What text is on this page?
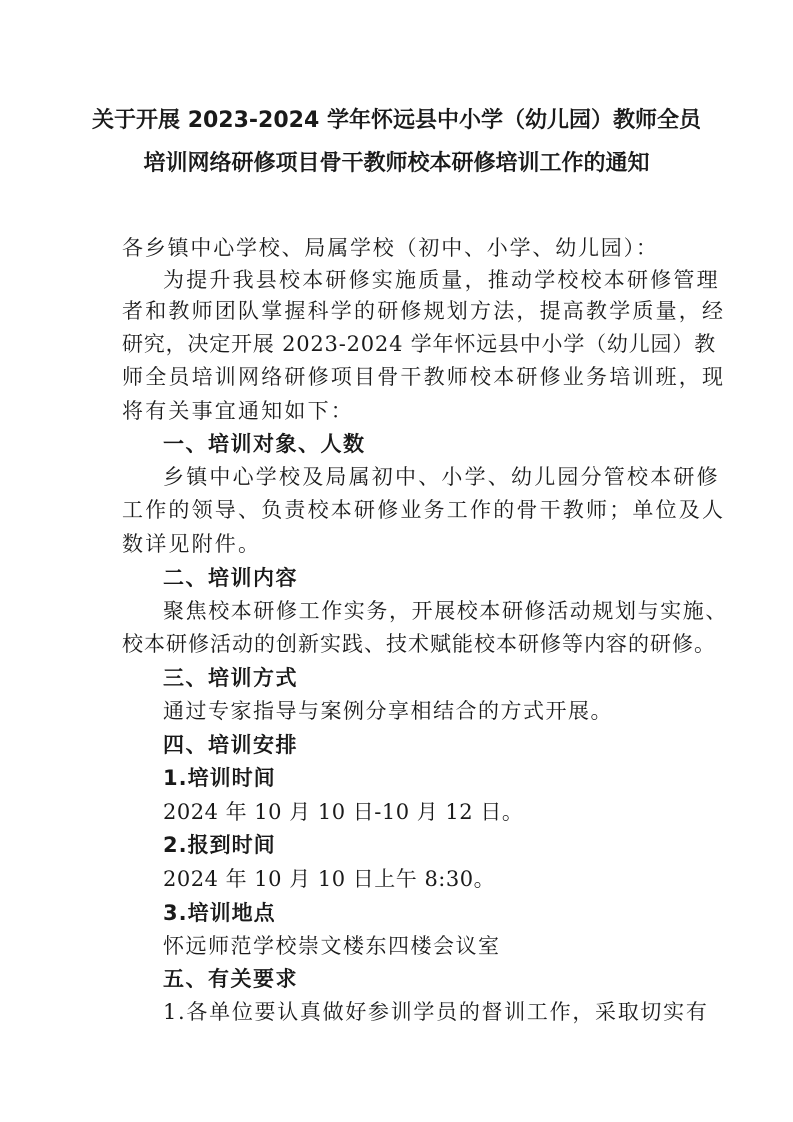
关于开展 2023-2024 学年怀远县中小学（幼儿园）教师全员
培训网络研修项目骨干教师校本研修培训工作的通知
各乡镇中心学校、局属学校（初中、小学、幼儿园）：
为提升我县校本研修实施质量，推动学校校本研修管理
者和教师团队掌握科学的研修规划方法，提高教学质量，经
研究，决定开展 2023-2024 学年怀远县中小学（幼儿园）教
师全员培训网络研修项目骨干教师校本研修业务培训班，现
将有关事宜通知如下：
一、培训对象、人数
乡镇中心学校及局属初中、小学、幼儿园分管校本研修
工作的领导、负责校本研修业务工作的骨干教师；单位及人
数详见附件。
二、培训内容
聚焦校本研修工作实务，开展校本研修活动规划与实施、
校本研修活动的创新实践、技术赋能校本研修等内容的研修。
三、培训方式
通过专家指导与案例分享相结合的方式开展。
四、培训安排
1.培训时间
2024 年 10 月 10 日-10 月 12 日。
2.报到时间
2024 年 10 月 10 日上午 8:30。
3.培训地点
怀远师范学校崇文楼东四楼会议室
五、有关要求
1.各单位要认真做好参训学员的督训工作，采取切实有
